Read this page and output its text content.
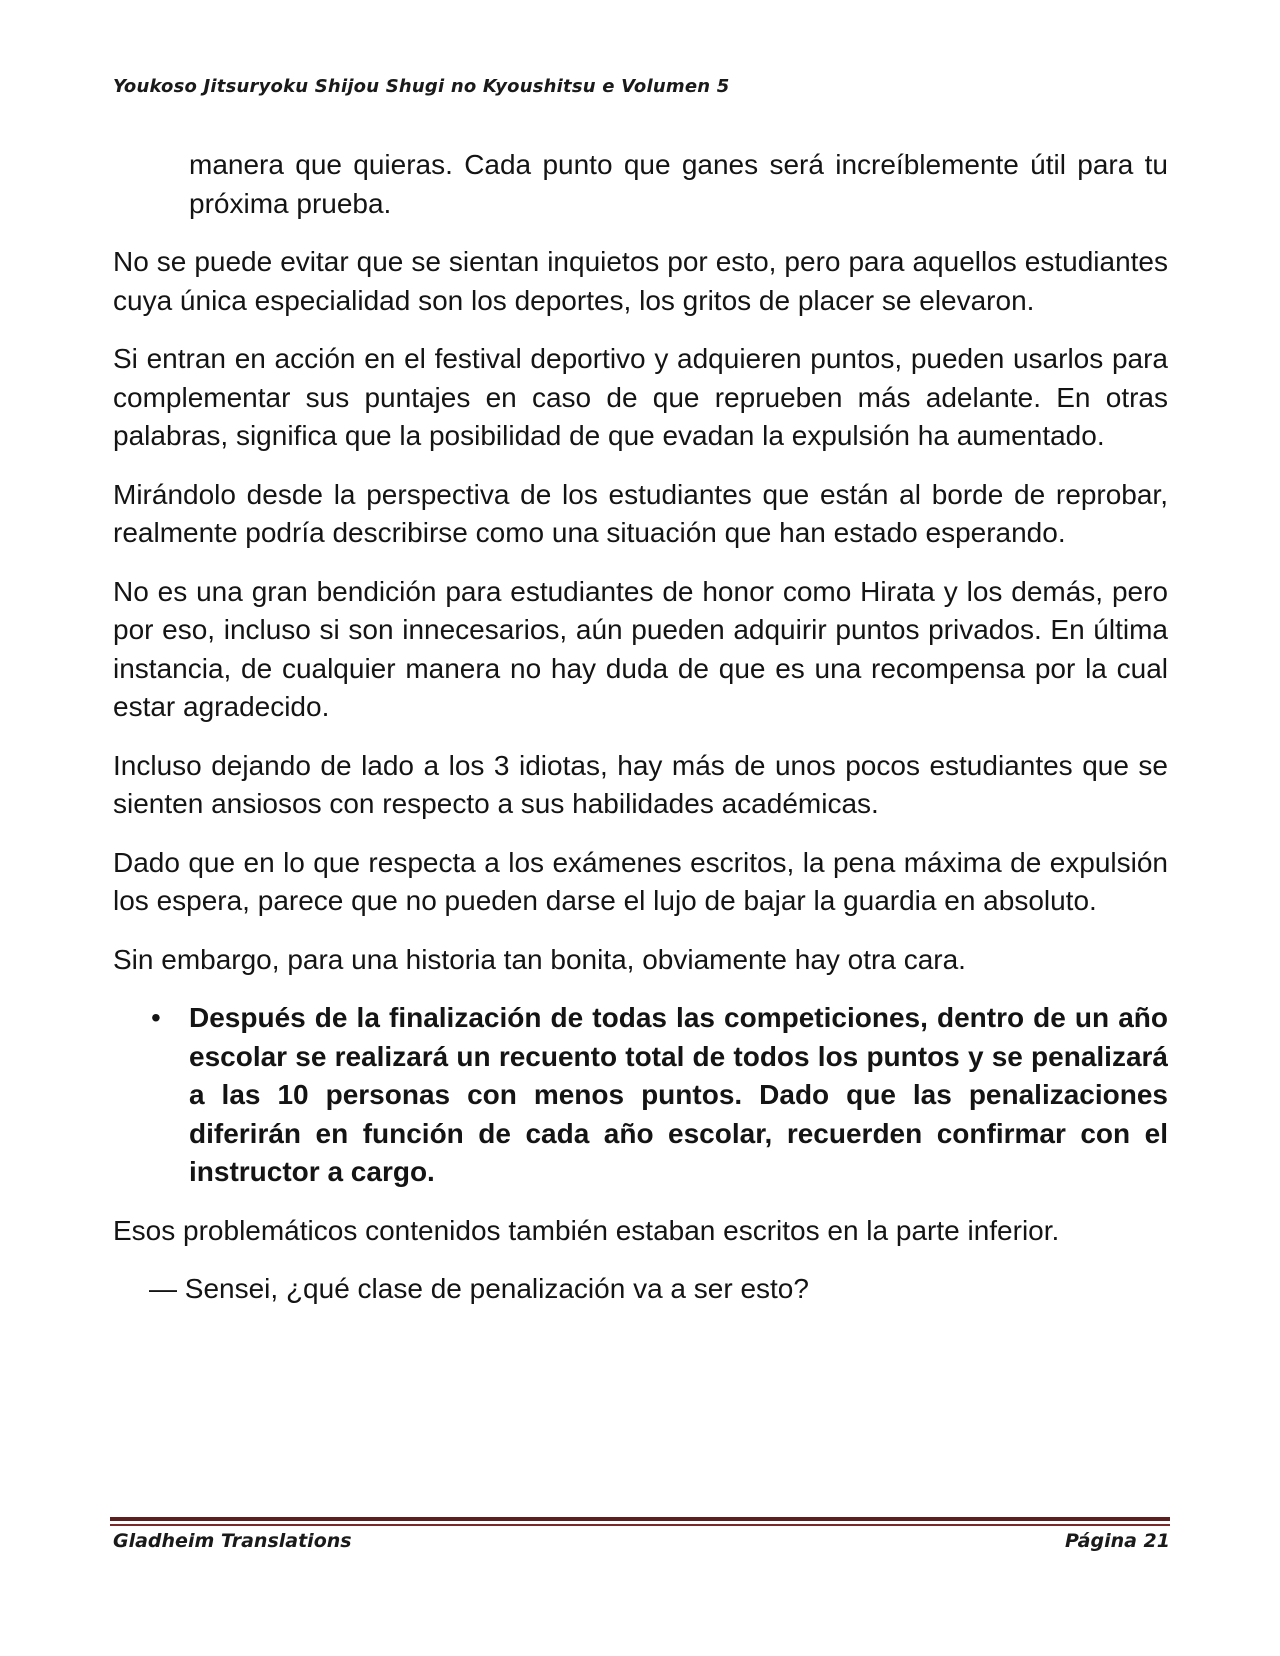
Youkoso Jitsuryoku Shijou Shugi no Kyoushitsu e Volumen 5

manera que quieras. Cada punto que ganes será increíblemente útil para tu próxima prueba.

No se puede evitar que se sientan inquietos por esto, pero para aquellos estudiantes cuya única especialidad son los deportes, los gritos de placer se elevaron.

Si entran en acción en el festival deportivo y adquieren puntos, pueden usarlos para complementar sus puntajes en caso de que reprueben más adelante. En otras palabras, significa que la posibilidad de que evadan la expulsión ha aumentado.

Mirándolo desde la perspectiva de los estudiantes que están al borde de reprobar, realmente podría describirse como una situación que han estado esperando.

No es una gran bendición para estudiantes de honor como Hirata y los demás, pero por eso, incluso si son innecesarios, aún pueden adquirir puntos privados. En última instancia, de cualquier manera no hay duda de que es una recompensa por la cual estar agradecido.

Incluso dejando de lado a los 3 idiotas, hay más de unos pocos estudiantes que se sienten ansiosos con respecto a sus habilidades académicas.

Dado que en lo que respecta a los exámenes escritos, la pena máxima de expulsión los espera, parece que no pueden darse el lujo de bajar la guardia en absoluto.

Sin embargo, para una historia tan bonita, obviamente hay otra cara.

• Después de la finalización de todas las competiciones, dentro de un año escolar se realizará un recuento total de todos los puntos y se penalizará a las 10 personas con menos puntos. Dado que las penalizaciones diferirán en función de cada año escolar, recuerden confirmar con el instructor a cargo.

Esos problemáticos contenidos también estaban escritos en la parte inferior.

— Sensei, ¿qué clase de penalización va a ser esto?

Gladheim Translations	Página 21
